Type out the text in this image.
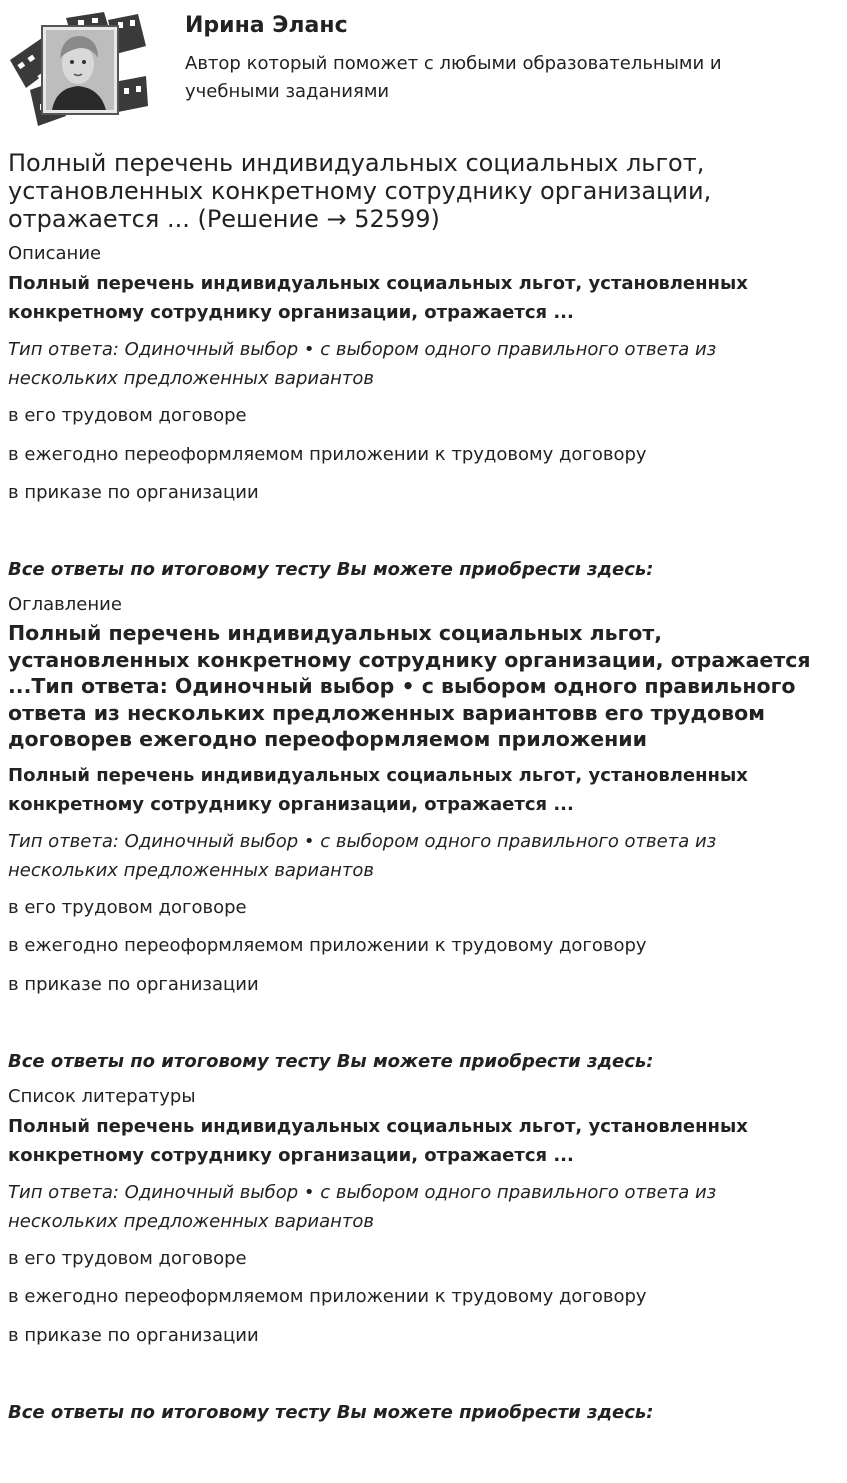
Ирина Эланс

Автор который поможет с любыми образовательными и учебными заданиями

Полный перечень индивидуальных социальных льгот, установленных конкретному сотруднику организации, отражается ... (Решение → 52599)
Описание

Полный перечень индивидуальных социальных льгот, установленных конкретному сотруднику организации, отражается ...

Тип ответа: Одиночный выбор • с выбором одного правильного ответа из нескольких предложенных вариантов

в его трудовом договоре

в ежегодно переоформляемом приложении к трудовому договору

в приказе по организации

Все ответы по итоговому тесту Вы можете приобрести здесь:

Оглавление

Полный перечень индивидуальных социальных льгот, установленных конкретному сотруднику организации, отражается ...Тип ответа: Одиночный выбор • с выбором одного правильного ответа из нескольких предложенных вариантовв его трудовом договорев ежегодно переоформляемом приложении

Полный перечень индивидуальных социальных льгот, установленных конкретному сотруднику организации, отражается ...

Тип ответа: Одиночный выбор • с выбором одного правильного ответа из нескольких предложенных вариантов

в его трудовом договоре

в ежегодно переоформляемом приложении к трудовому договору

в приказе по организации

Все ответы по итоговому тесту Вы можете приобрести здесь:

Список литературы

Полный перечень индивидуальных социальных льгот, установленных конкретному сотруднику организации, отражается ...

Тип ответа: Одиночный выбор • с выбором одного правильного ответа из нескольких предложенных вариантов

в его трудовом договоре

в ежегодно переоформляемом приложении к трудовому договору

в приказе по организации

Все ответы по итоговому тесту Вы можете приобрести здесь:
